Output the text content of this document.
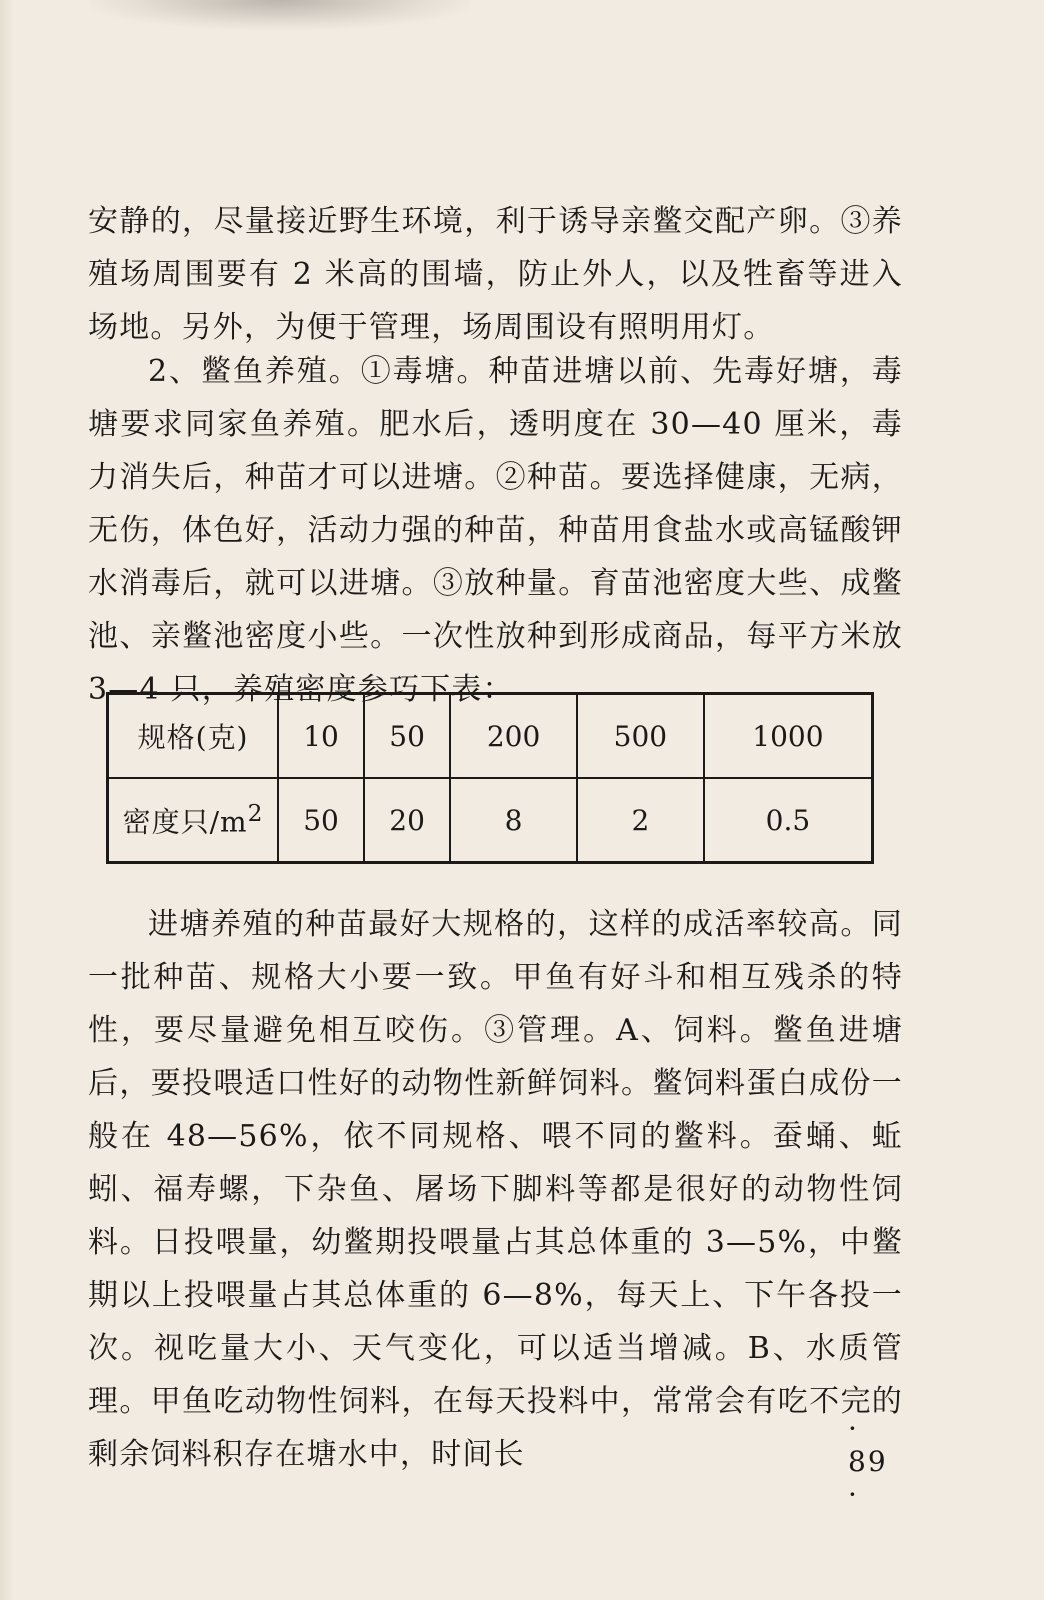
安静的，尽量接近野生环境，利于诱导亲鳖交配产卵。③养殖场周围要有 2 米高的围墙，防止外人，以及牲畜等进入场地。另外，为便于管理，场周围设有照明用灯。

2、鳖鱼养殖。①毒塘。种苗进塘以前、先毒好塘，毒塘要求同家鱼养殖。肥水后，透明度在 30—40 厘米，毒力消失后，种苗才可以进塘。②种苗。要选择健康，无病，无伤，体色好，活动力强的种苗，种苗用食盐水或高锰酸钾水消毒后，就可以进塘。③放种量。育苗池密度大些、成鳖池、亲鳖池密度小些。一次性放种到形成商品，每平方米放 3—4 只，养殖密度参巧下表：

规格(克)	10	50	200	500	1000
密度只$/m^2$	50	20	8	2	0.5

进塘养殖的种苗最好大规格的，这样的成活率较高。同一批种苗、规格大小要一致。甲鱼有好斗和相互残杀的特性，要尽量避免相互咬伤。③管理。A、饲料。鳖鱼进塘后，要投喂适口性好的动物性新鲜饲料。鳖饲料蛋白成份一般在 48—56%，依不同规格、喂不同的鳖料。蚕蛹、蚯蚓、福寿螺，下杂鱼、屠场下脚料等都是很好的动物性饲料。日投喂量，幼鳖期投喂量占其总体重的 3—5%，中鳖期以上投喂量占其总体重的 6—8%，每天上、下午各投一次。视吃量大小、天气变化，可以适当增减。B、水质管理。甲鱼吃动物性饲料，在每天投料中，常常会有吃不完的剩余饲料积存在塘水中，时间长

· 89 ·
